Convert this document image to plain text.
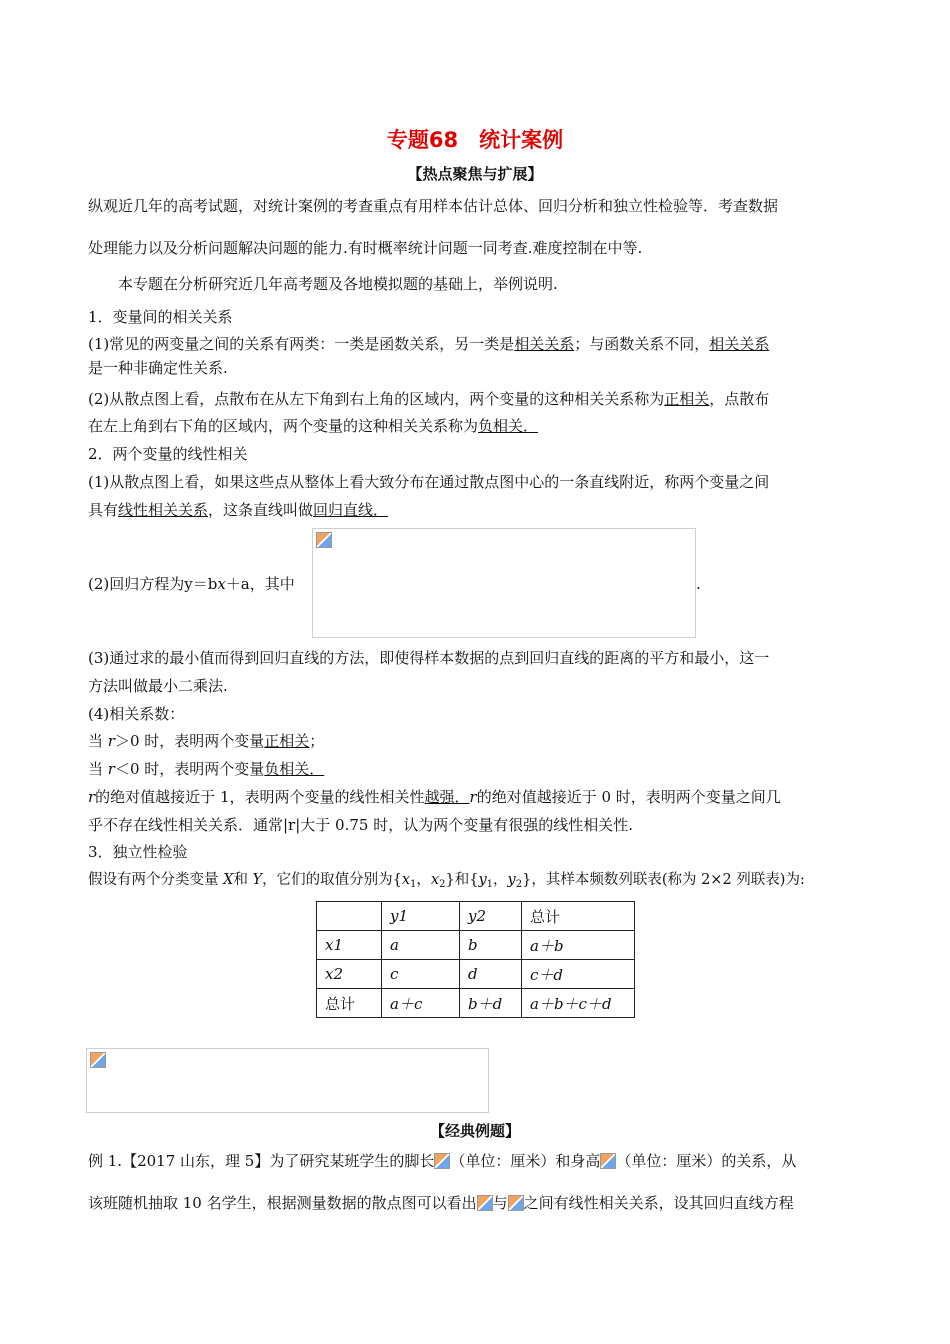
专题68　统计案例
【热点聚焦与扩展】
纵观近几年的高考试题，对统计案例的考查重点有用样本估计总体、回归分析和独立性检验等．考查数据
处理能力以及分析问题解决问题的能力.有时概率统计问题一同考查.难度控制在中等.
本专题在分析研究近几年高考题及各地模拟题的基础上，举例说明.
1．变量间的相关关系
(1)常见的两变量之间的关系有两类：一类是函数关系，另一类是相关关系；与函数关系不同，相关关系
是一种非确定性关系.
(2)从散点图上看，点散布在从左下角到右上角的区域内，两个变量的这种相关关系称为正相关，点散布
在左上角到右下角的区域内，两个变量的这种相关关系称为负相关．
2．两个变量的线性相关
(1)从散点图上看，如果这些点从整体上看大致分布在通过散点图中心的一条直线附近，称两个变量之间
具有线性相关关系，这条直线叫做回归直线．
(2)回归方程为y＝bx＋a，其中	.
(3)通过求的最小值而得到回归直线的方法，即使得样本数据的点到回归直线的距离的平方和最小，这一
方法叫做最小二乘法.
(4)相关系数：
当 r＞0 时，表明两个变量正相关；
当 r＜0 时，表明两个变量负相关．
r的绝对值越接近于 1，表明两个变量的线性相关性越强．r的绝对值越接近于 0 时，表明两个变量之间几
乎不存在线性相关关系．通常|r|大于 0.75 时，认为两个变量有很强的线性相关性.
3．独立性检验
假设有两个分类变量 X和 Y，它们的取值分别为{$x_1$，$x_2$}和{$y_1$，$y_2$}，其样本频数列联表(称为 2×2 列联表)为:
	y1	y2	总计
x1	a	b	a＋b
x2	c	d	c＋d
总计	a＋c	b＋d	a＋b＋c＋d
【经典例题】
例 1.【2017 山东，理 5】为了研究某班学生的脚长 （单位：厘米）和身高 （单位：厘米）的关系，从
该班随机抽取 10 名学生，根据测量数据的散点图可以看出 与 之间有线性相关关系，设其回归直线方程
